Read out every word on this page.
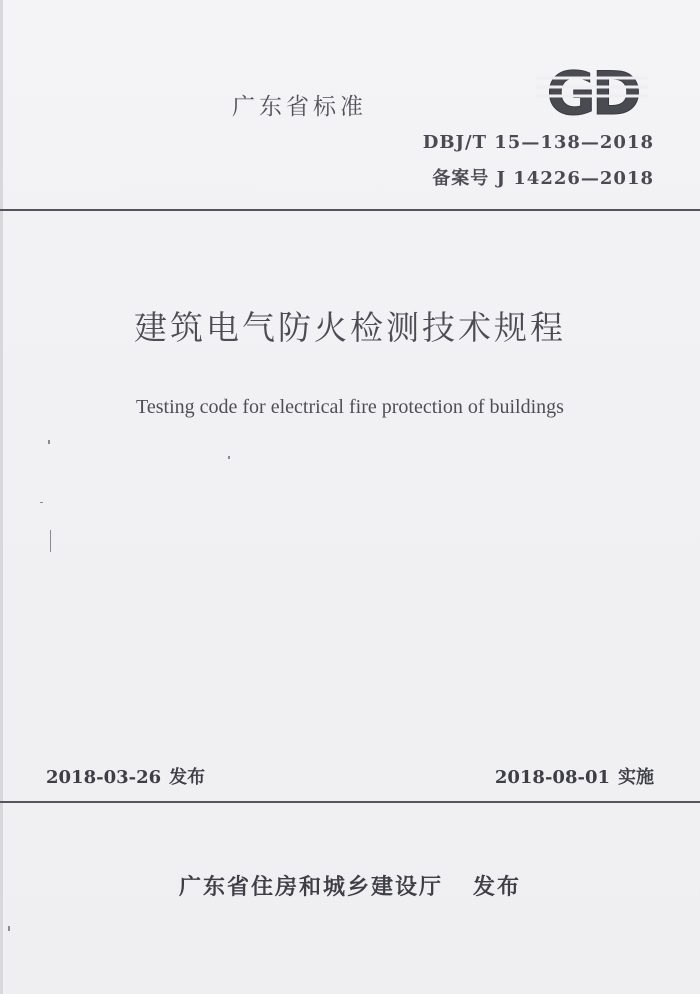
广东省标准	GD
DBJ/T 15—138—2018
备案号 J 14226—2018
建筑电气防火检测技术规程
Testing code for electrical fire protection of buildings
2018-03-26 发布	2018-08-01 实施
广东省住房和城乡建设厅 发布
